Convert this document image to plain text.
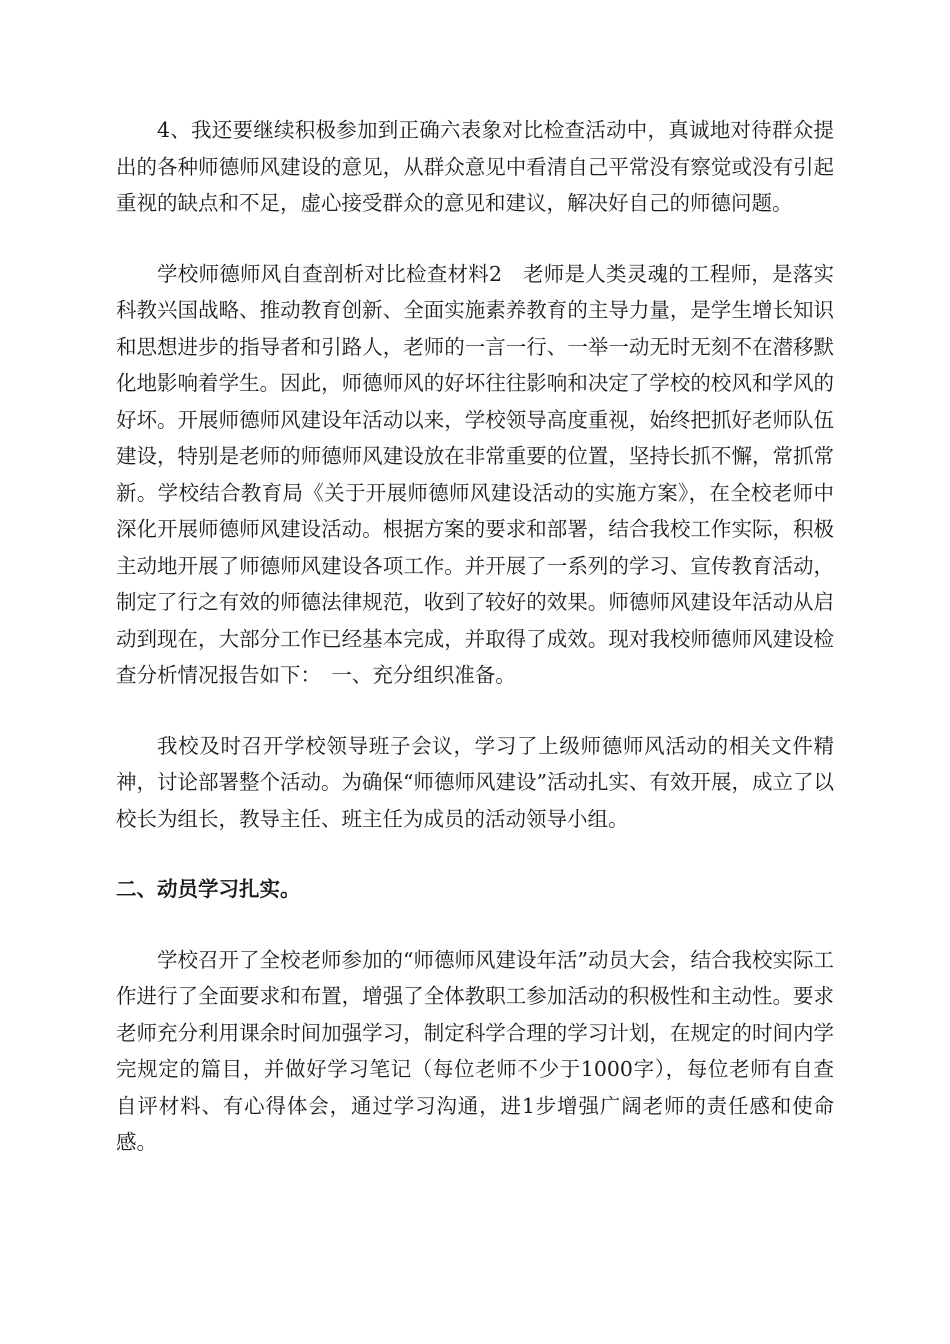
4、我还要继续积极参加到正确六表象对比检查活动中，真诚地对待群众提出的各种师德师风建设的意见，从群众意见中看清自己平常没有察觉或没有引起重视的缺点和不足，虚心接受群众的意见和建议，解决好自己的师德问题。

学校师德师风自查剖析对比检查材料2　老师是人类灵魂的工程师，是落实科教兴国战略、推动教育创新、全面实施素养教育的主导力量，是学生增长知识和思想进步的指导者和引路人，老师的一言一行、一举一动无时无刻不在潜移默化地影响着学生。因此，师德师风的好坏往往影响和决定了学校的校风和学风的好坏。开展师德师风建设年活动以来，学校领导高度重视，始终把抓好老师队伍建设，特别是老师的师德师风建设放在非常重要的位置，坚持长抓不懈，常抓常新。学校结合教育局《关于开展师德师风建设活动的实施方案》，在全校老师中深化开展师德师风建设活动。根据方案的要求和部署，结合我校工作实际，积极主动地开展了师德师风建设各项工作。并开展了一系列的学习、宣传教育活动，制定了行之有效的师德法律规范，收到了较好的效果。师德师风建设年活动从启动到现在，大部分工作已经基本完成，并取得了成效。现对我校师德师风建设检查分析情况报告如下：　一、充分组织准备。

我校及时召开学校领导班子会议，学习了上级师德师风活动的相关文件精神，讨论部署整个活动。为确保“师德师风建设”活动扎实、有效开展，成立了以校长为组长，教导主任、班主任为成员的活动领导小组。

二、动员学习扎实。

学校召开了全校老师参加的“师德师风建设年活”动员大会，结合我校实际工作进行了全面要求和布置，增强了全体教职工参加活动的积极性和主动性。要求老师充分利用课余时间加强学习，制定科学合理的学习计划，在规定的时间内学完规定的篇目，并做好学习笔记（每位老师不少于1000字），每位老师有自查自评材料、有心得体会，通过学习沟通，进1步增强广阔老师的责任感和使命感。
